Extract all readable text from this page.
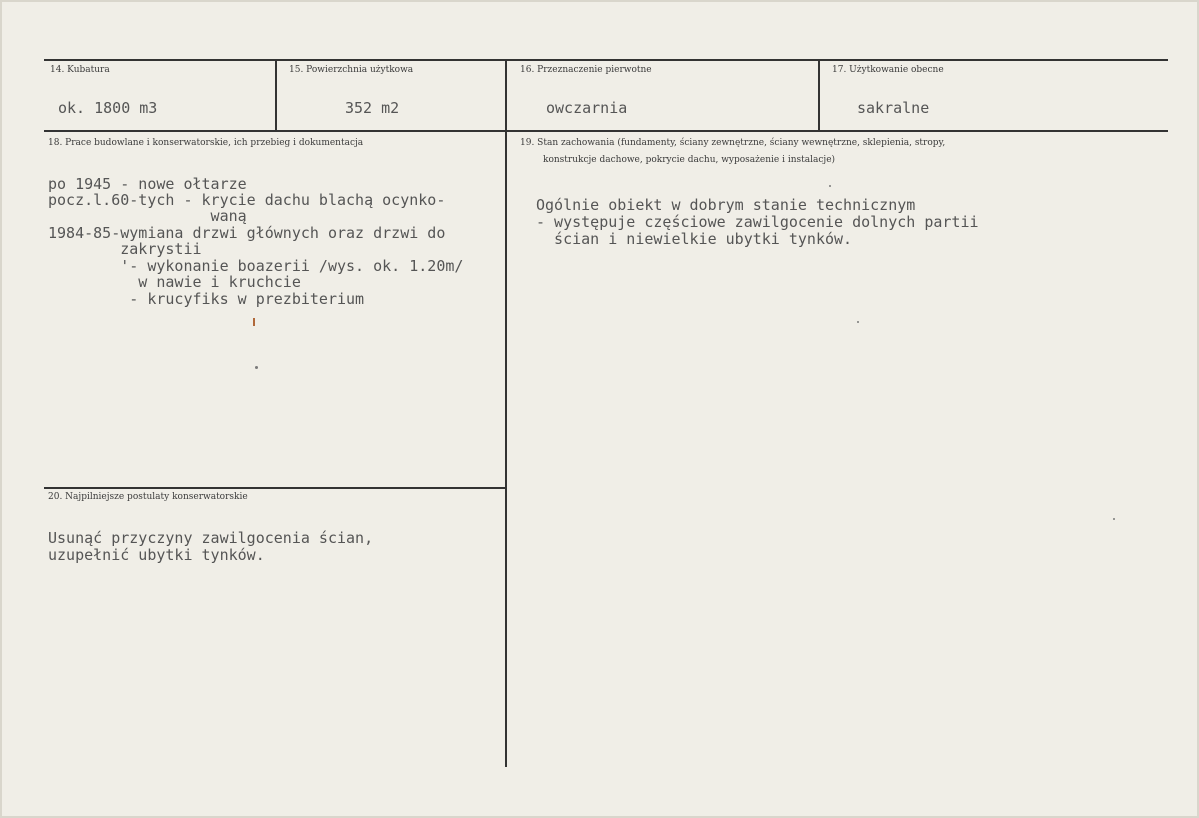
14. Kubatura
ok. 1800 m3
15. Powierzchnia użytkowa
352 m2
16. Przeznaczenie pierwotne
owczarnia
17. Użytkowanie obecne
sakralne
18. Prace budowlane i konserwatorskie, ich przebieg i dokumentacja
po 1945 - nowe ołtarze
pocz.l.60-tych - krycie dachu blachą ocynko-
waną
1984-85-wymiana drzwi głównych oraz drzwi do
zakrystii
'- wykonanie boazerii /wys. ok. 1.20m/
w nawie i kruchcie
- krucyfiks w prezbiterium
19. Stan zachowania (fundamenty, ściany zewnętrzne, ściany wewnętrzne, sklepienia, stropy,
konstrukcje dachowe, pokrycie dachu, wyposażenie i instalacje)
Ogólnie obiekt w dobrym stanie technicznym
- występuje częściowe zawilgocenie dolnych partii
ścian i niewielkie ubytki tynków.
20. Najpilniejsze postulaty konserwatorskie
Usunąć przyczyny zawilgocenia ścian,
uzupełnić ubytki tynków.
